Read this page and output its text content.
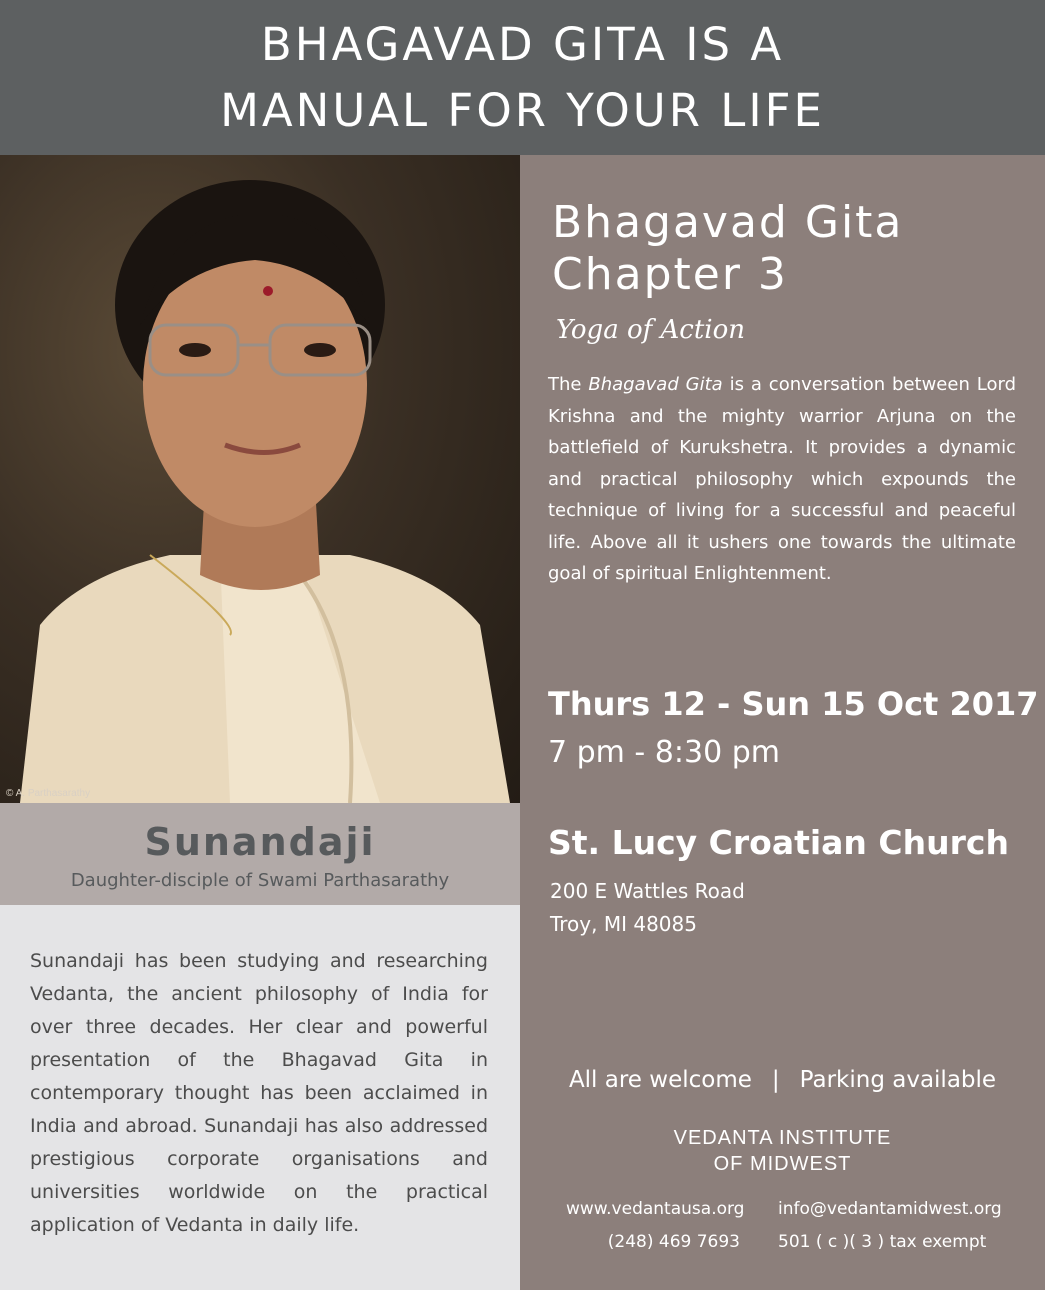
BHAGAVAD GITA IS A
MANUAL FOR YOUR LIFE
© A. Parthasarathy
Sunandaji
Daughter-disciple of Swami Parthasarathy
Sunandaji has been studying and researching Vedanta, the ancient philosophy of India for over three decades. Her clear and powerful presentation of the Bhagavad Gita in contemporary thought has been acclaimed in India and abroad. Sunandaji has also addressed prestigious corporate organisations and universities worldwide on the practical application of Vedanta in daily life.
Bhagavad Gita
Chapter 3
Yoga of Action
The Bhagavad Gita is a conversation between Lord Krishna and the mighty warrior Arjuna on the battlefield of Kurukshetra. It provides a dynamic and practical philosophy which expounds the technique of living for a successful and peaceful life. Above all it ushers one towards the ultimate goal of spiritual Enlightenment.
Thurs 12 - Sun 15 Oct 2017
7 pm - 8:30 pm
St. Lucy Croatian Church
200 E Wattles Road
Troy, MI 48085
All are welcome | Parking available
VEDANTA INSTITUTE
OF MIDWEST
www.vedantausa.org
(248) 469 7693
info@vedantamidwest.org
501 ( c )( 3 ) tax exempt
